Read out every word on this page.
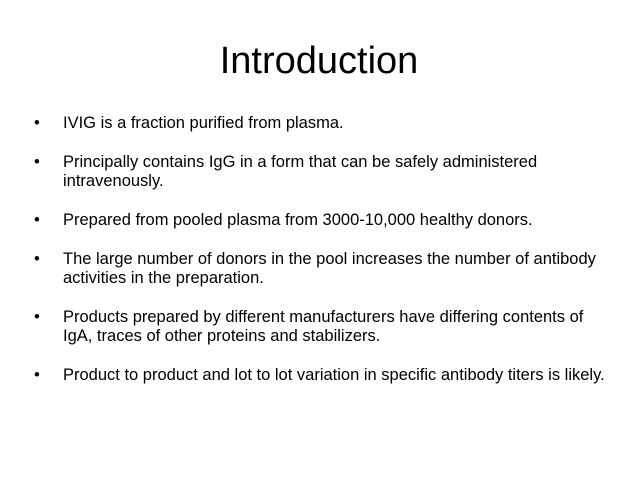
Introduction
•	IVIG is a fraction purified from plasma.
•	Principally contains IgG in a form that can be safely administered intravenously.
•	Prepared from pooled plasma from 3000-10,000 healthy donors.
•	The large number of donors in the pool increases the number of antibody activities in the preparation.
•	Products prepared by different manufacturers have differing contents of IgA, traces of other proteins and stabilizers.
•	Product to product and lot to lot variation in specific antibody titers is likely.
